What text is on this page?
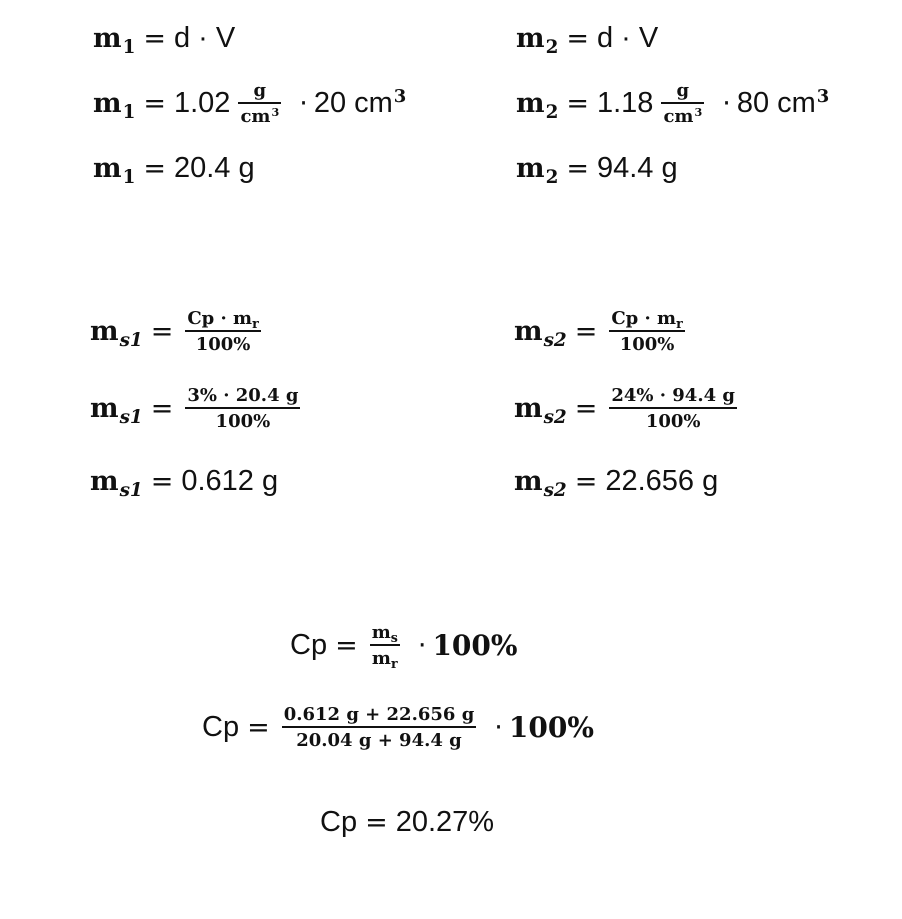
m 1 = d · V
m $1 = 1.02 \frac{g}{cm^3} \cdot 20$ $cm^3$
m 1 = 20.4 g
m 2 = d · V
m $2 = 1.18 \frac{g}{cm^3} \cdot 80$ $cm^3$
m 2 = 94.4 g
m $s1 = \frac{Cp \cdot m_r}{100\%}$
m $s1 = \frac{3\% \cdot 20.4 g}{100\%}$
m s1 = 0.612 g
m $s2 = \frac{Cp \cdot m_r}{100\%}$
m $s2 = \frac{24\% \cdot 94.4 g}{100\%}$
m s2 = 22.656 g
$Cp = \frac{m_s}{m_r} \cdot 100\%$
$Cp = \frac{0.612 g + 22.656 g}{20.04 g + 94.4 g} \cdot 100\%$
Cp = 20.27%
